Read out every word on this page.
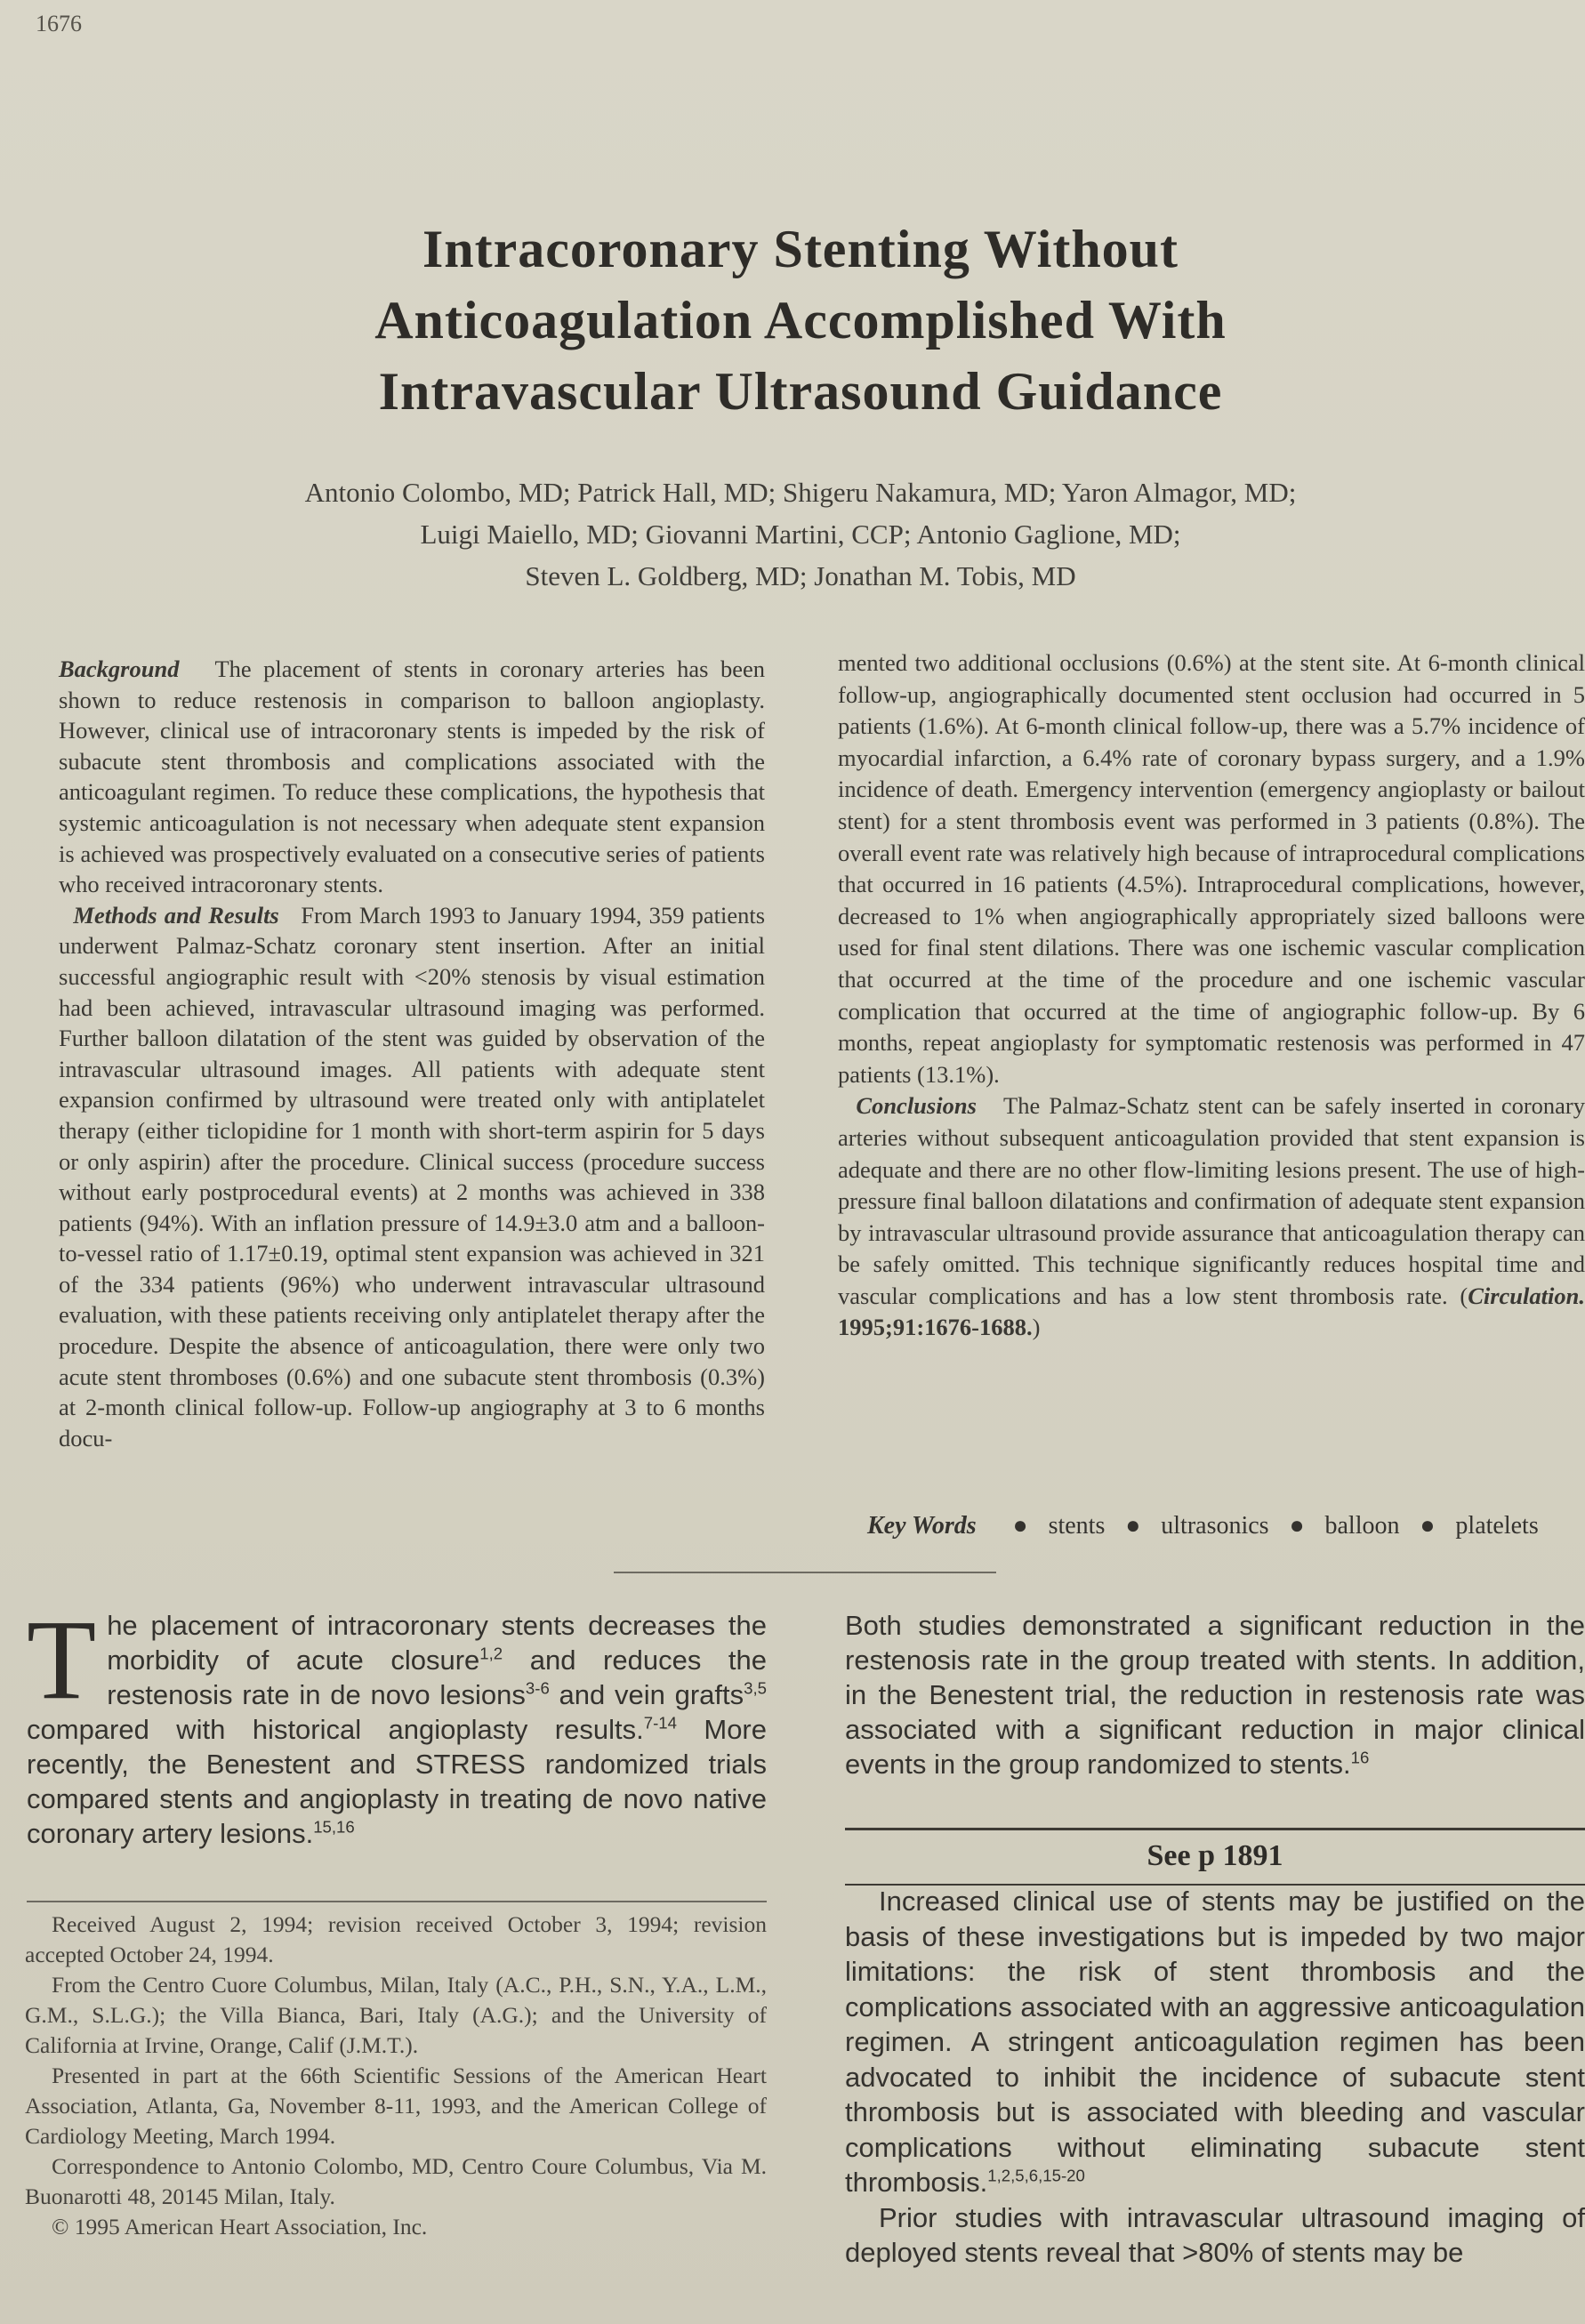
1676
Intracoronary Stenting Without
Anticoagulation Accomplished With
Intravascular Ultrasound Guidance
Antonio Colombo, MD; Patrick Hall, MD; Shigeru Nakamura, MD; Yaron Almagor, MD;
Luigi Maiello, MD; Giovanni Martini, CCP; Antonio Gaglione, MD;
Steven L. Goldberg, MD; Jonathan M. Tobis, MD

Background The placement of stents in coronary arteries has been shown to reduce restenosis in comparison to balloon angioplasty. However, clinical use of intracoronary stents is impeded by the risk of subacute stent thrombosis and complications associated with the anticoagulant regimen. To reduce these complications, the hypothesis that systemic anticoagulation is not necessary when adequate stent expansion is achieved was prospectively evaluated on a consecutive series of patients who received intracoronary stents.

Methods and Results From March 1993 to January 1994, 359 patients underwent Palmaz-Schatz coronary stent insertion. After an initial successful angiographic result with <20% stenosis by visual estimation had been achieved, intravascular ultrasound imaging was performed. Further balloon dilatation of the stent was guided by observation of the intravascular ultrasound images. All patients with adequate stent expansion confirmed by ultrasound were treated only with antiplatelet therapy (either ticlopidine for 1 month with short-term aspirin for 5 days or only aspirin) after the procedure. Clinical success (procedure success without early postprocedural events) at 2 months was achieved in 338 patients (94%). With an inflation pressure of 14.9±3.0 atm and a balloon-to-vessel ratio of 1.17±0.19, optimal stent expansion was achieved in 321 of the 334 patients (96%) who underwent intravascular ultrasound evaluation, with these patients receiving only antiplatelet therapy after the procedure. Despite the absence of anticoagulation, there were only two acute stent thromboses (0.6%) and one subacute stent thrombosis (0.3%) at 2-month clinical follow-up. Follow-up angiography at 3 to 6 months docu-

mented two additional occlusions (0.6%) at the stent site. At 6-month clinical follow-up, angiographically documented stent occlusion had occurred in 5 patients (1.6%). At 6-month clinical follow-up, there was a 5.7% incidence of myocardial infarction, a 6.4% rate of coronary bypass surgery, and a 1.9% incidence of death. Emergency intervention (emergency angioplasty or bailout stent) for a stent thrombosis event was performed in 3 patients (0.8%). The overall event rate was relatively high because of intraprocedural complications that occurred in 16 patients (4.5%). Intraprocedural complications, however, decreased to 1% when angiographically appropriately sized balloons were used for final stent dilations. There was one ischemic vascular complication that occurred at the time of the procedure and one ischemic vascular complication that occurred at the time of angiographic follow-up. By 6 months, repeat angioplasty for symptomatic restenosis was performed in 47 patients (13.1%).

Conclusions The Palmaz-Schatz stent can be safely inserted in coronary arteries without subsequent anticoagulation provided that stent expansion is adequate and there are no other flow-limiting lesions present. The use of high-pressure final balloon dilatations and confirmation of adequate stent expansion by intravascular ultrasound provide assurance that anticoagulation therapy can be safely omitted. This technique significantly reduces hospital time and vascular complications and has a low stent thrombosis rate. (Circulation. 1995;91:1676-1688.)

Key Words ● stents ● ultrasonics ● balloon ● platelets

The placement of intracoronary stents decreases the morbidity of acute closure$^{1,2}$ and reduces the restenosis rate in de novo lesions$^{3-6}$ and vein grafts$^{3,5}$ compared with historical angioplasty results.$^{7-14}$ More recently, the Benestent and STRESS randomized trials compared stents and angioplasty in treating de novo native coronary artery lesions.$^{15,16}$

Both studies demonstrated a significant reduction in the restenosis rate in the group treated with stents. In addition, in the Benestent trial, the reduction in restenosis rate was associated with a significant reduction in major clinical events in the group randomized to stents.$^{16}$

See p 1891

Increased clinical use of stents may be justified on the basis of these investigations but is impeded by two major limitations: the risk of stent thrombosis and the complications associated with an aggressive anticoagulation regimen. A stringent anticoagulation regimen has been advocated to inhibit the incidence of subacute stent thrombosis but is associated with bleeding and vascular complications without eliminating subacute stent thrombosis.$^{1,2,5,6,15-20}$

Prior studies with intravascular ultrasound imaging of deployed stents reveal that >80% of stents may be

Received August 2, 1994; revision received October 3, 1994; revision accepted October 24, 1994.

From the Centro Cuore Columbus, Milan, Italy (A.C., P.H., S.N., Y.A., L.M., G.M., S.L.G.); the Villa Bianca, Bari, Italy (A.G.); and the University of California at Irvine, Orange, Calif (J.M.T.).

Presented in part at the 66th Scientific Sessions of the American Heart Association, Atlanta, Ga, November 8-11, 1993, and the American College of Cardiology Meeting, March 1994.

Correspondence to Antonio Colombo, MD, Centro Coure Columbus, Via M. Buonarotti 48, 20145 Milan, Italy.

© 1995 American Heart Association, Inc.
